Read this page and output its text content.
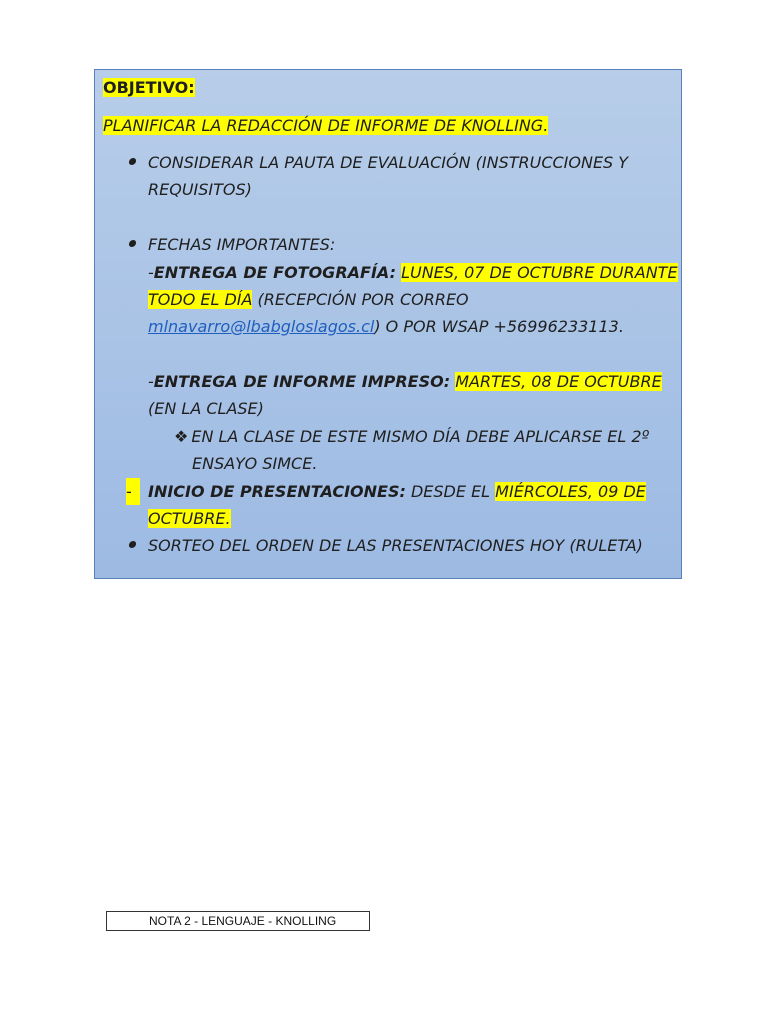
OBJETIVO:
PLANIFICAR LA REDACCIÓN DE INFORME DE KNOLLING.
CONSIDERAR LA PAUTA DE EVALUACIÓN (INSTRUCCIONES Y
REQUISITOS)
FECHAS IMPORTANTES:
-ENTREGA DE FOTOGRAFÍA: LUNES, 07 DE OCTUBRE DURANTE
TODO EL DÍA (RECEPCIÓN POR CORREO
mlnavarro@lbabgloslagos.cl) O POR WSAP +56996233113.
-ENTREGA DE INFORME IMPRESO: MARTES, 08 DE OCTUBRE
(EN LA CLASE)
❖ EN LA CLASE DE ESTE MISMO DÍA DEBE APLICARSE EL 2º
ENSAYO SIMCE.
-	INICIO DE PRESENTACIONES: DESDE EL MIÉRCOLES, 09 DE
OCTUBRE.
SORTEO DEL ORDEN DE LAS PRESENTACIONES HOY (RULETA)
NOTA 2 - LENGUAJE - KNOLLING
